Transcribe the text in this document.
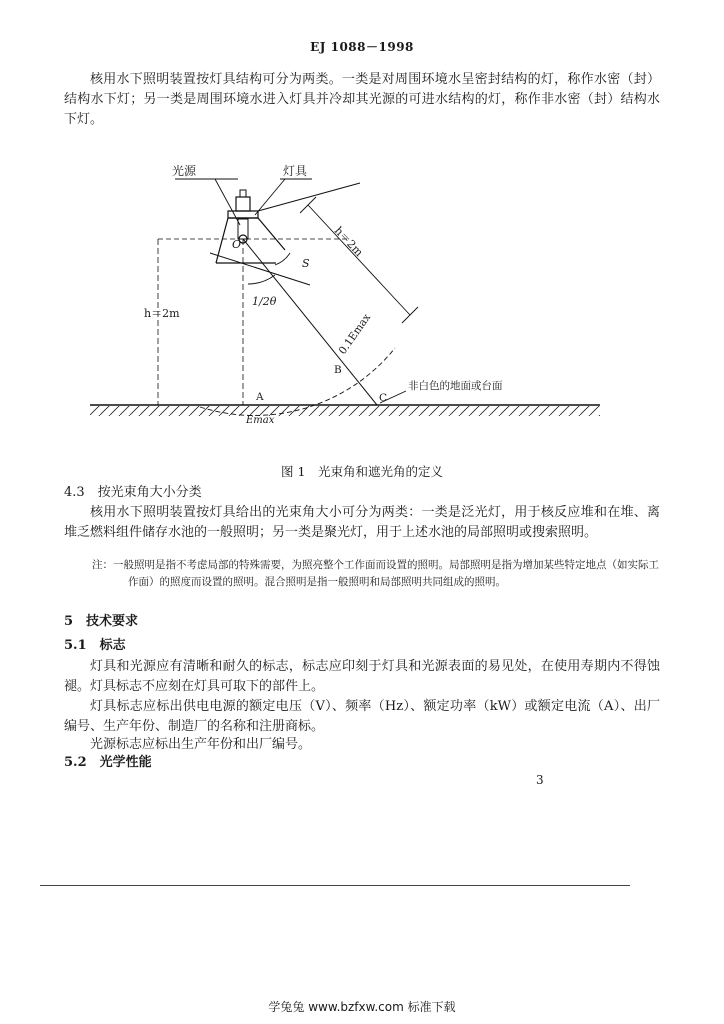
EJ 1088－1998

核用水下照明装置按灯具结构可分为两类。一类是对周围环境水呈密封结构的灯，称作水密（封）结构水下灯；另一类是周围环境水进入灯具并冷却其光源的可进水结构的灯，称作非水密（封）结构水下灯。

光源	灯具
O
S
1/2θ
h＝2m
h＝2m
0.1Emax
B
A	C
Emax
非白色的地面或台面
图 1　光束角和遮光角的定义
4.3　按光束角大小分类

核用水下照明装置按灯具给出的光束角大小可分为两类：一类是泛光灯，用于核反应堆和在堆、离堆乏燃料组件储存水池的一般照明；另一类是聚光灯，用于上述水池的局部照明或搜索照明。

注：一般照明是指不考虑局部的特殊需要，为照亮整个工作面而设置的照明。局部照明是指为增加某些特定地点（如实际工作面）的照度而设置的照明。混合照明是指一般照明和局部照明共同组成的照明。

5　技术要求
5.1　标志

灯具和光源应有清晰和耐久的标志，标志应印刻于灯具和光源表面的易见处，在使用寿期内不得蚀褪。灯具标志不应刻在灯具可取下的部件上。

灯具标志应标出供电电源的额定电压（V）、频率（Hz）、额定功率（kW）或额定电流（A）、出厂编号、生产年份、制造厂的名称和注册商标。

光源标志应标出生产年份和出厂编号。

5.2　光学性能
3
学兔兔 www.bzfxw.com 标准下载
